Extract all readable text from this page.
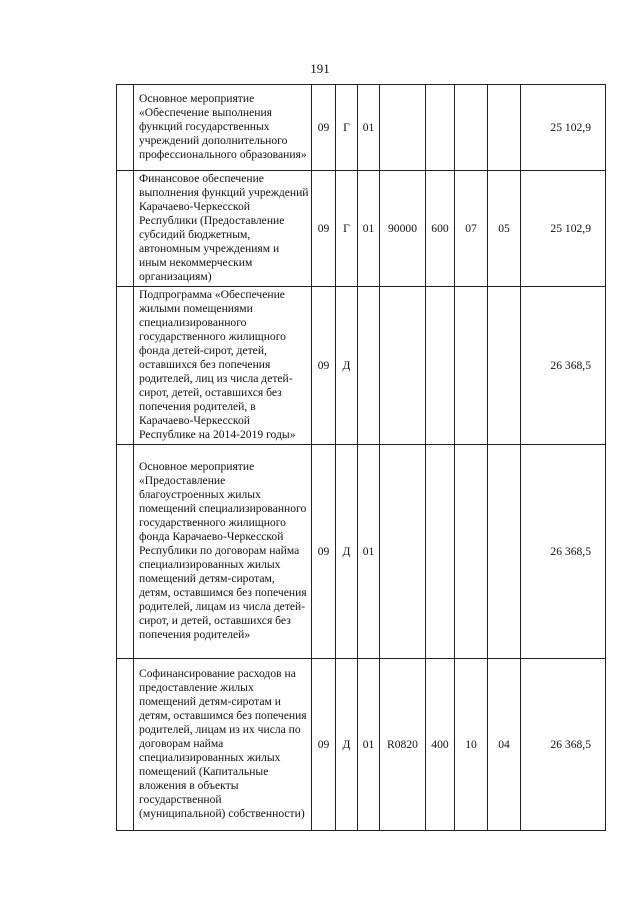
191
	Основное мероприятие «Обеспечение выполнения функций государственных учреждений дополнительного профессионального образования»	09	Г	01					25 102,9
	Финансовое обеспечение выполнения функций учреждений Карачаево-Черкесской Республики (Предоставление субсидий бюджетным, автономным учреждениям и иным некоммерческим организациям)	09	Г	01	90000	600	07	05	25 102,9
	Подпрограмма «Обеспечение жилыми помещениями специализированного государственного жилищного фонда детей-сирот, детей, оставшихся без попечения родителей, лиц из числа детей-сирот, детей, оставшихся без попечения родителей, в Карачаево-Черкесской Республике на 2014-2019 годы»	09	Д						26 368,5
	Основное мероприятие «Предоставление благоустроенных жилых помещений специализированного государственного жилищного фонда Карачаево-Черкесской Республики по договорам найма специализированных жилых помещений детям-сиротам, детям, оставшимся без попечения родителей, лицам из числа детей-сирот, и детей, оставшихся без попечения родителей»	09	Д	01					26 368,5
	Софинансирование расходов на предоставление жилых помещений детям-сиротам и детям, оставшимся без попечения родителей, лицам из их числа по договорам найма специализированных жилых помещений (Капитальные вложения в объекты государственной (муниципальной) собственности)	09	Д	01	R0820	400	10	04	26 368,5
